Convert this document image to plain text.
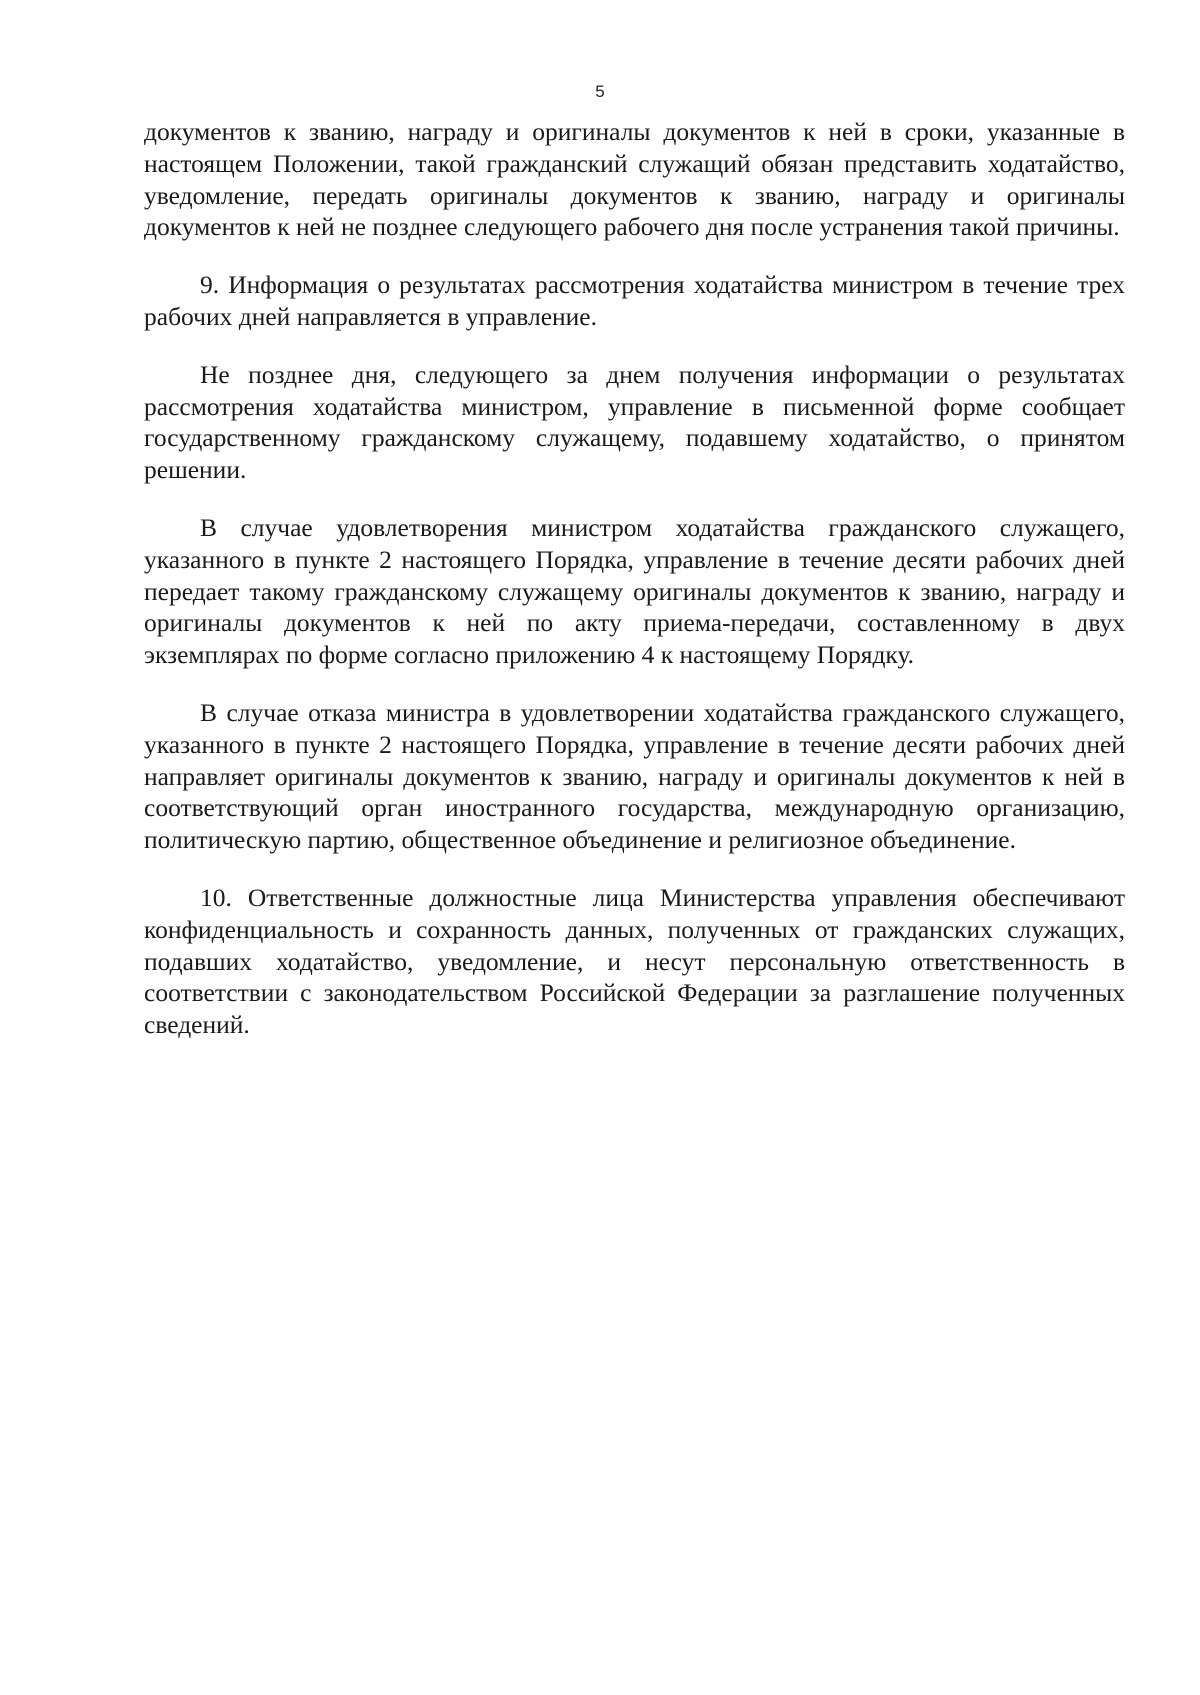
5

документов к званию, награду и оригиналы документов к ней в сроки, указанные в настоящем Положении, такой гражданский служащий обязан представить ходатайство, уведомление, передать оригиналы документов к званию, награду и оригиналы документов к ней не позднее следующего рабочего дня после устранения такой причины.

9. Информация о результатах рассмотрения ходатайства министром в течение трех рабочих дней направляется в управление.

Не позднее дня, следующего за днем получения информации о результатах рассмотрения ходатайства министром, управление в письменной форме сообщает государственному гражданскому служащему, подавшему ходатайство, о принятом решении.

В случае удовлетворения министром ходатайства гражданского служащего, указанного в пункте 2 настоящего Порядка, управление в течение десяти рабочих дней передает такому гражданскому служащему оригиналы документов к званию, награду и оригиналы документов к ней по акту приема-передачи, составленному в двух экземплярах по форме согласно приложению 4 к настоящему Порядку.

В случае отказа министра в удовлетворении ходатайства гражданского служащего, указанного в пункте 2 настоящего Порядка, управление в течение десяти рабочих дней направляет оригиналы документов к званию, награду и оригиналы документов к ней в соответствующий орган иностранного государства, международную организацию, политическую партию, общественное объединение и религиозное объединение.

10. Ответственные должностные лица Министерства управления обеспечивают конфиденциальность и сохранность данных, полученных от гражданских служащих, подавших ходатайство, уведомление, и несут персональную ответственность в соответствии с законодательством Российской Федерации за разглашение полученных сведений.
